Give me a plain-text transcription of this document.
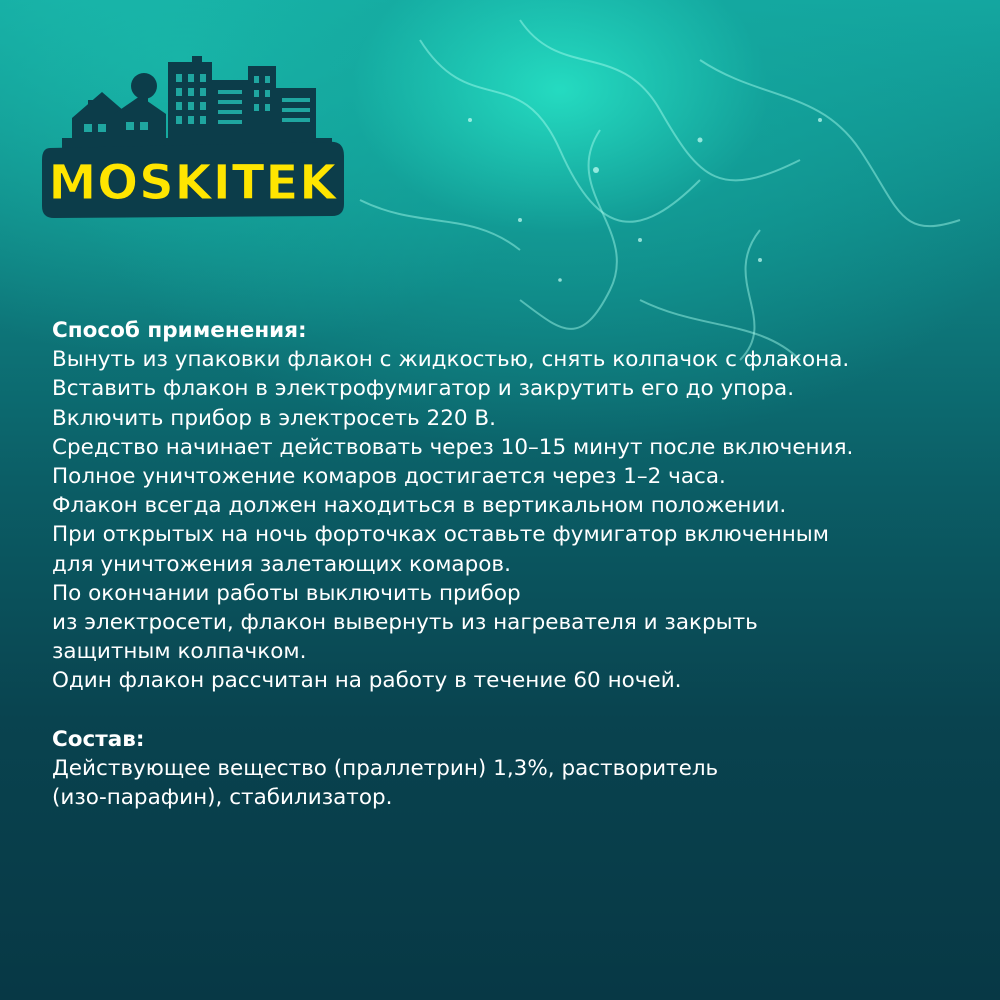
MOSKITEK
Способ применения:
Вынуть из упаковки флакон с жидкостью, снять колпачок с флакона.
Вставить флакон в электрофумигатор и закрутить его до упора.
Включить прибор в электросеть 220 В.
Средство начинает действовать через 10–15 минут после включения.
Полное уничтожение комаров достигается через 1–2 часа.
Флакон всегда должен находиться в вертикальном положении.
При открытых на ночь форточках оставьте фумигатор включенным
для уничтожения залетающих комаров.
По окончании работы выключить прибор
из электросети, флакон вывернуть из нагревателя и закрыть
защитным колпачком.
Один флакон рассчитан на работу в течение 60 ночей.
Состав:
Действующее вещество (праллетрин) 1,3%, растворитель
(изо-парафин), стабилизатор.
